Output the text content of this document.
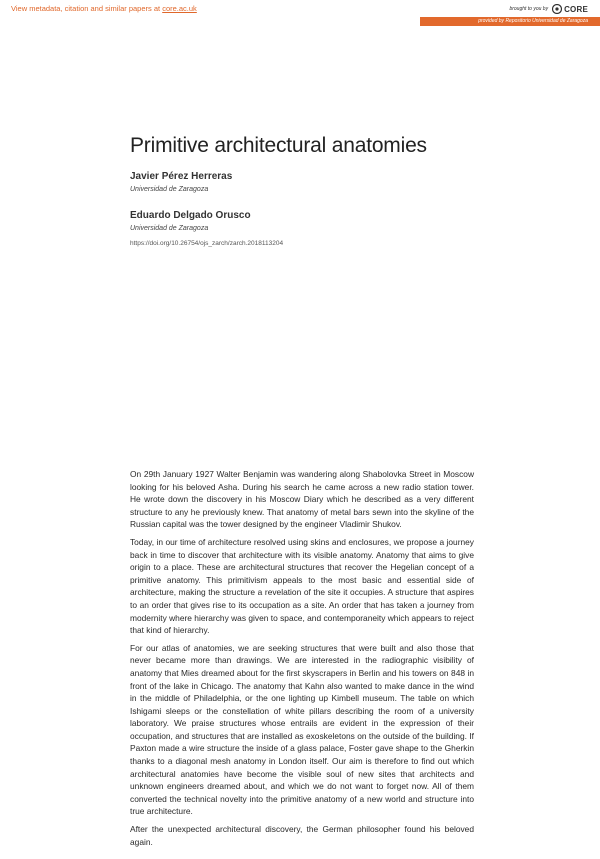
View metadata, citation and similar papers at core.ac.uk	brought to you by CORE
provided by Repositorio Universidad de Zaragoza
Primitive architectural anatomies
Javier Pérez Herreras
Universidad de Zaragoza
Eduardo Delgado Orusco
Universidad de Zaragoza
https://doi.org/10.26754/ojs_zarch/zarch.2018113204

On 29th January 1927 Walter Benjamin was wandering along Shabolovka Street in Moscow looking for his beloved Asha. During his search he came across a new radio station tower. He wrote down the discovery in his Moscow Diary which he described as a very different structure to any he previously knew. That anatomy of metal bars sewn into the skyline of the Russian capital was the tower designed by the engineer Vladimir Shukov.

Today, in our time of architecture resolved using skins and enclosures, we propose a journey back in time to discover that architecture with its visible anatomy. Anatomy that aims to give origin to a place. These are architectural structures that recover the Hegelian concept of a primitive anatomy. This primitivism appeals to the most basic and essential side of architecture, making the structure a revelation of the site it occupies. A structure that aspires to an order that gives rise to its occupation as a site. An order that has taken a journey from modernity where hierarchy was given to space, and contemporaneity which appears to reject that kind of hierarchy.

For our atlas of anatomies, we are seeking structures that were built and also those that never became more than drawings. We are interested in the radiographic visibility of anatomy that Mies dreamed about for the first skyscrapers in Berlin and his towers on 848 in front of the lake in Chicago. The anatomy that Kahn also wanted to make dance in the wind in the middle of Philadelphia, or the one lighting up Kimbell museum. The table on which Ishigami sleeps or the constellation of white pillars describing the room of a university laboratory. We praise structures whose entrails are evident in the expression of their occupation, and structures that are installed as exoskeletons on the outside of the building. If Paxton made a wire structure the inside of a glass palace, Foster gave shape to the Gherkin thanks to a diagonal mesh anatomy in London itself. Our aim is therefore to find out which architectural anatomies have become the visible soul of new sites that architects and unknown engineers dreamed about, and which we do not want to forget now. All of them converted the technical novelty into the primitive anatomy of a new world and structure into true architecture.

After the unexpected architectural discovery, the German philosopher found his beloved again.
